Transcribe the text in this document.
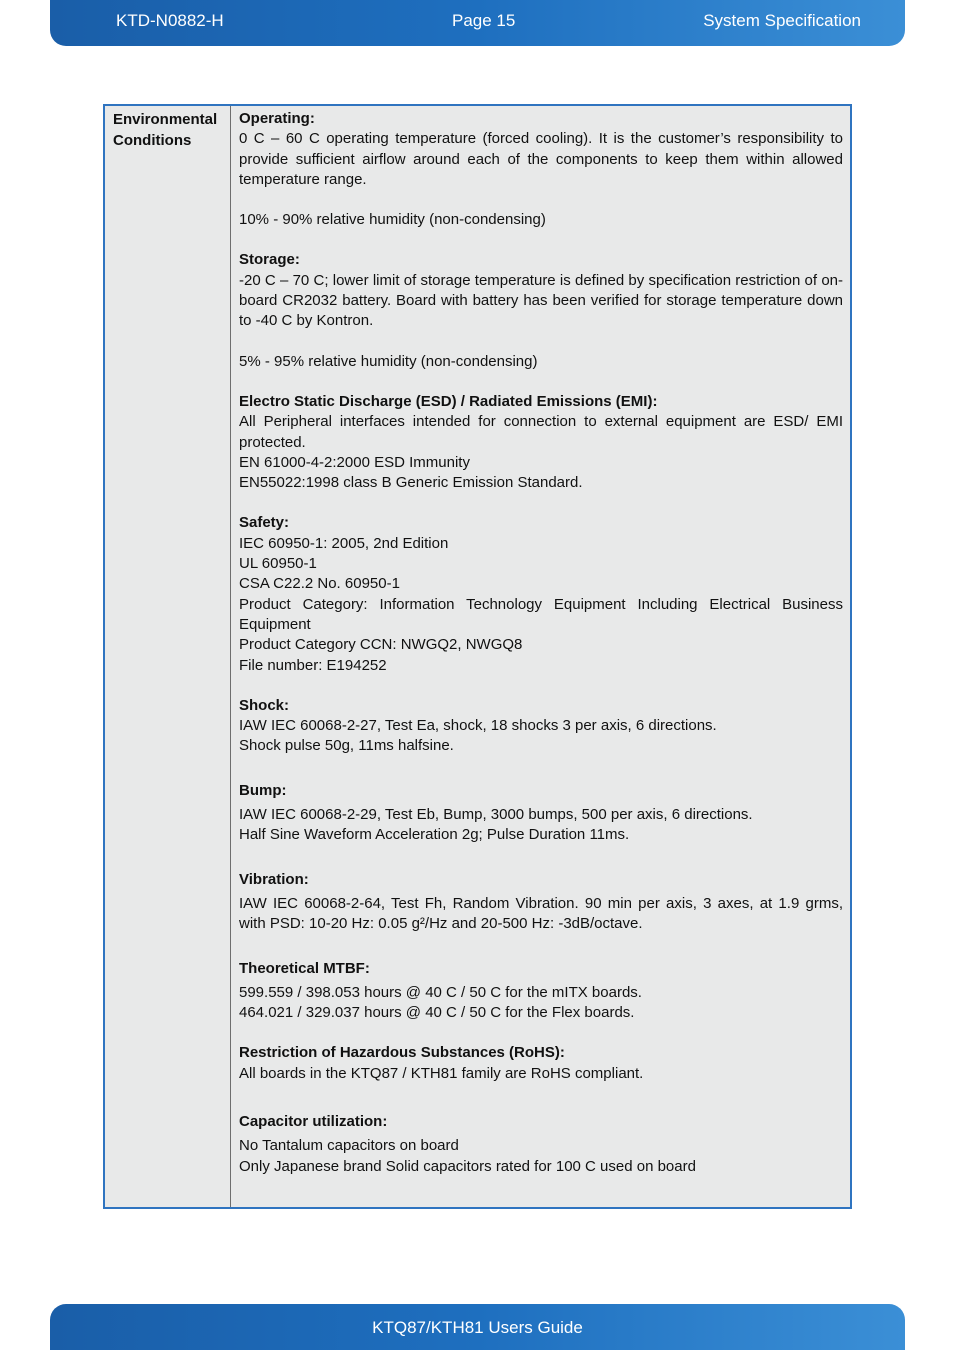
KTD-N0882-H	Page 15	System Specification
Environmental Conditions
Operating:
0 C – 60 C operating temperature (forced cooling). It is the customer’s responsibility to provide sufficient airflow around each of the components to keep them within allowed temperature range.
10% - 90% relative humidity (non-condensing)
Storage:
-20 C – 70 C; lower limit of storage temperature is defined by specification restriction of on-board CR2032 battery. Board with battery has been verified for storage temperature down to -40 C by Kontron.
5% - 95% relative humidity (non-condensing)
Electro Static Discharge (ESD) / Radiated Emissions (EMI):
All Peripheral interfaces intended for connection to external equipment are ESD/ EMI protected.
EN 61000-4-2:2000 ESD Immunity
EN55022:1998 class B Generic Emission Standard.
Safety:
IEC 60950-1: 2005, 2nd Edition
UL 60950-1
CSA C22.2 No. 60950-1
Product Category: Information Technology Equipment Including Electrical Business Equipment
Product Category CCN: NWGQ2, NWGQ8
File number: E194252
Shock:
IAW IEC 60068-2-27, Test Ea, shock, 18 shocks 3 per axis, 6 directions.
Shock pulse 50g, 11ms halfsine.
Bump:
IAW IEC 60068-2-29, Test Eb, Bump, 3000 bumps, 500 per axis, 6 directions.
Half Sine Waveform Acceleration 2g; Pulse Duration 11ms.
Vibration:
IAW IEC 60068-2-64, Test Fh, Random Vibration. 90 min per axis, 3 axes, at 1.9 grms, with PSD: 10-20 Hz: 0.05 g²/Hz and 20-500 Hz: -3dB/octave.
Theoretical MTBF:
599.559 / 398.053 hours @ 40 C / 50 C for the mITX boards.
464.021 / 329.037 hours @ 40 C / 50 C for the Flex boards.
Restriction of Hazardous Substances (RoHS):
All boards in the KTQ87 / KTH81 family are RoHS compliant.
Capacitor utilization:
No Tantalum capacitors on board
Only Japanese brand Solid capacitors rated for 100 C used on board
KTQ87/KTH81 Users Guide
